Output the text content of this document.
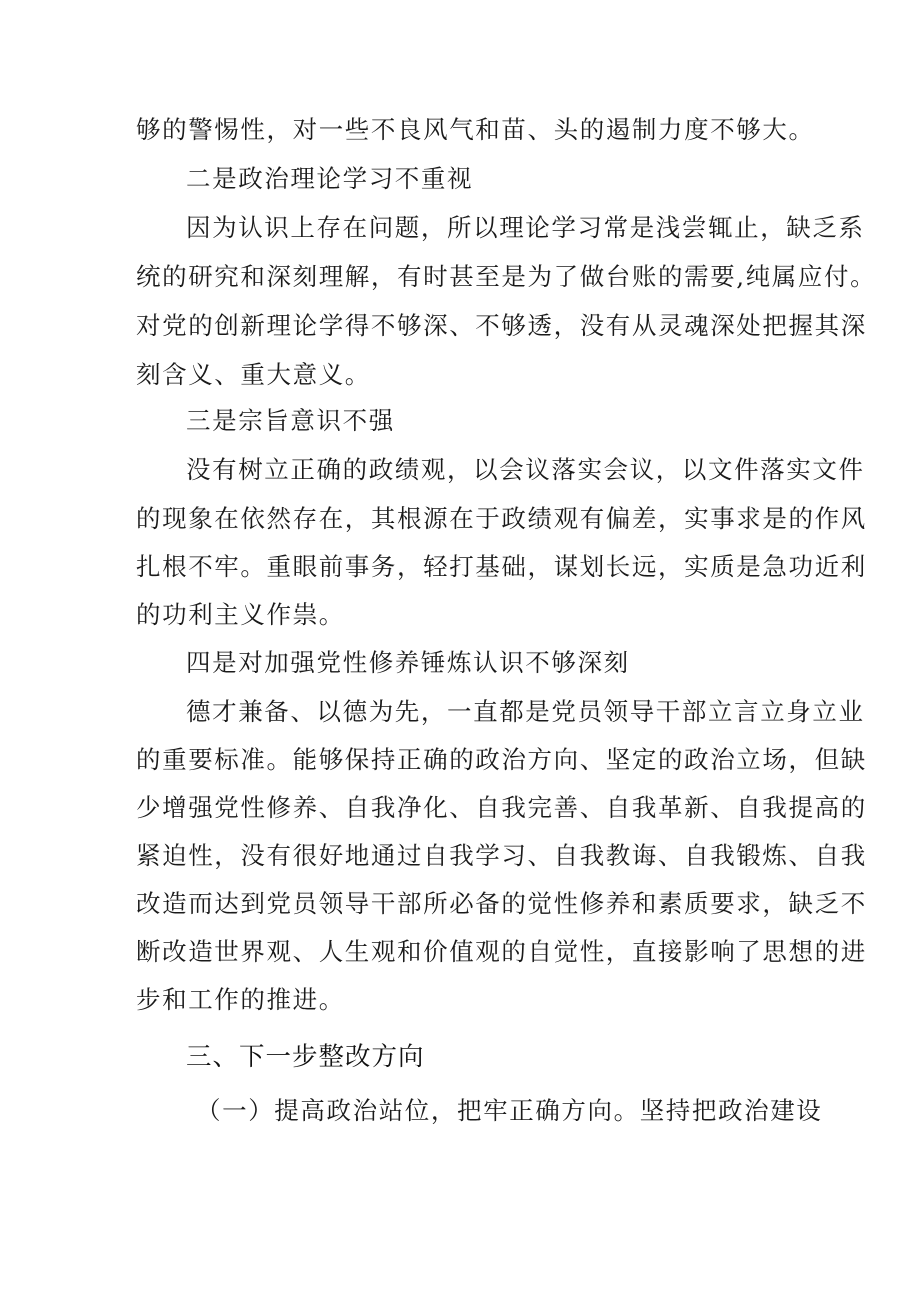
够的警惕性，对一些不良风气和苗、头的遏制力度不够大。
二是政治理论学习不重视
因为认识上存在问题，所以理论学习常是浅尝辄止，缺乏系
统的研究和深刻理解，有时甚至是为了做台账的需要,纯属应付。
对党的创新理论学得不够深、不够透，没有从灵魂深处把握其深
刻含义、重大意义。
三是宗旨意识不强
没有树立正确的政绩观，以会议落实会议，以文件落实文件
的现象在依然存在，其根源在于政绩观有偏差，实事求是的作风
扎根不牢。重眼前事务，轻打基础，谋划长远，实质是急功近利
的功利主义作祟。
四是对加强党性修养锤炼认识不够深刻
德才兼备、以德为先，一直都是党员领导干部立言立身立业
的重要标准。能够保持正确的政治方向、坚定的政治立场，但缺
少增强党性修养、自我净化、自我完善、自我革新、自我提高的
紧迫性，没有很好地通过自我学习、自我教诲、自我锻炼、自我
改造而达到党员领导干部所必备的觉性修养和素质要求，缺乏不
断改造世界观、人生观和价值观的自觉性，直接影响了思想的进
步和工作的推进。
三、下一步整改方向
（一）提高政治站位，把牢正确方向。坚持把政治建设
